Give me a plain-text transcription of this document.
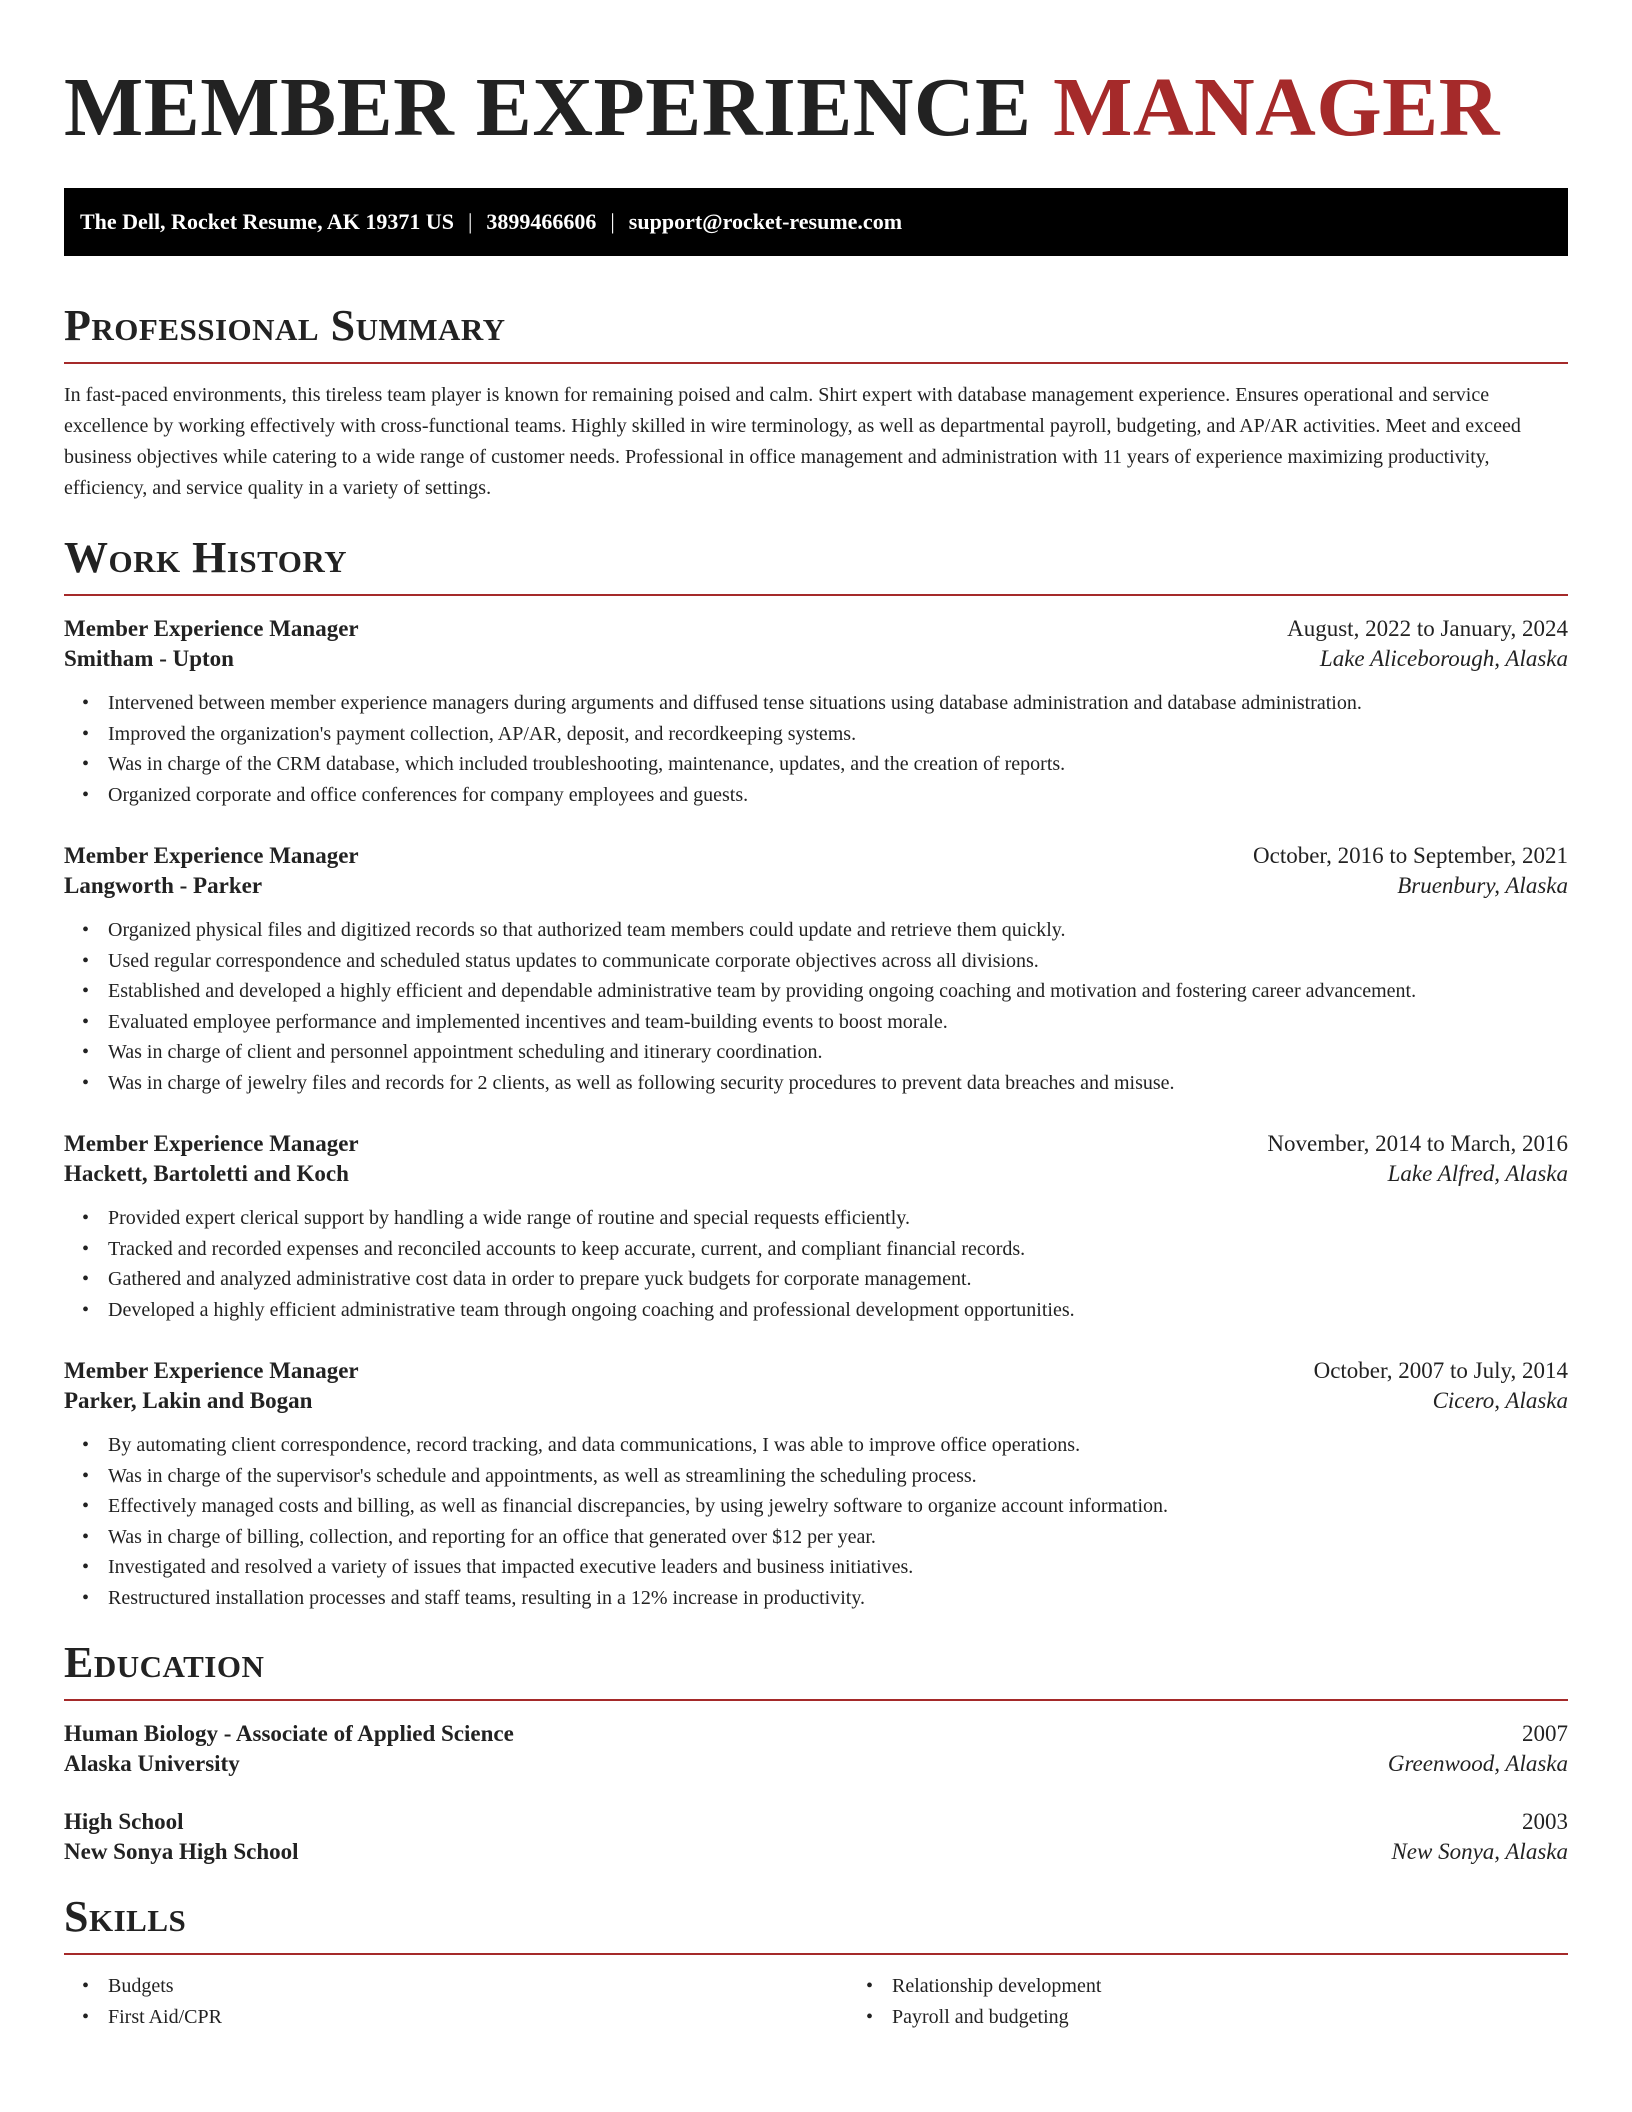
MEMBER EXPERIENCE MANAGER
The Dell, Rocket Resume, AK 19371 US | 3899466606 | support@rocket-resume.com
Professional Summary

In fast-paced environments, this tireless team player is known for remaining poised and calm. Shirt expert with database management experience. Ensures operational and service excellence by working effectively with cross-functional teams. Highly skilled in wire terminology, as well as departmental payroll, budgeting, and AP/AR activities. Meet and exceed business objectives while catering to a wide range of customer needs. Professional in office management and administration with 11 years of experience maximizing productivity, efficiency, and service quality in a variety of settings.

Work History
Member Experience Manager	August, 2022 to January, 2024
Smitham - Upton	Lake Aliceborough, Alaska
• Intervened between member experience managers during arguments and diffused tense situations using database administration and database administration.
• Improved the organization's payment collection, AP/AR, deposit, and recordkeeping systems.
• Was in charge of the CRM database, which included troubleshooting, maintenance, updates, and the creation of reports.
• Organized corporate and office conferences for company employees and guests.
Member Experience Manager	October, 2016 to September, 2021
Langworth - Parker	Bruenbury, Alaska
• Organized physical files and digitized records so that authorized team members could update and retrieve them quickly.
• Used regular correspondence and scheduled status updates to communicate corporate objectives across all divisions.
• Established and developed a highly efficient and dependable administrative team by providing ongoing coaching and motivation and fostering career advancement.
• Evaluated employee performance and implemented incentives and team-building events to boost morale.
• Was in charge of client and personnel appointment scheduling and itinerary coordination.
• Was in charge of jewelry files and records for 2 clients, as well as following security procedures to prevent data breaches and misuse.
Member Experience Manager	November, 2014 to March, 2016
Hackett, Bartoletti and Koch	Lake Alfred, Alaska
• Provided expert clerical support by handling a wide range of routine and special requests efficiently.
• Tracked and recorded expenses and reconciled accounts to keep accurate, current, and compliant financial records.
• Gathered and analyzed administrative cost data in order to prepare yuck budgets for corporate management.
• Developed a highly efficient administrative team through ongoing coaching and professional development opportunities.
Member Experience Manager	October, 2007 to July, 2014
Parker, Lakin and Bogan	Cicero, Alaska
• By automating client correspondence, record tracking, and data communications, I was able to improve office operations.
• Was in charge of the supervisor's schedule and appointments, as well as streamlining the scheduling process.
• Effectively managed costs and billing, as well as financial discrepancies, by using jewelry software to organize account information.
• Was in charge of billing, collection, and reporting for an office that generated over $12 per year.
• Investigated and resolved a variety of issues that impacted executive leaders and business initiatives.
• Restructured installation processes and staff teams, resulting in a 12% increase in productivity.
Education
Human Biology - Associate of Applied Science	2007
Alaska University	Greenwood, Alaska
High School	2003
New Sonya High School	New Sonya, Alaska
Skills
• Budgets
• First Aid/CPR
• Relationship development
• Payroll and budgeting
